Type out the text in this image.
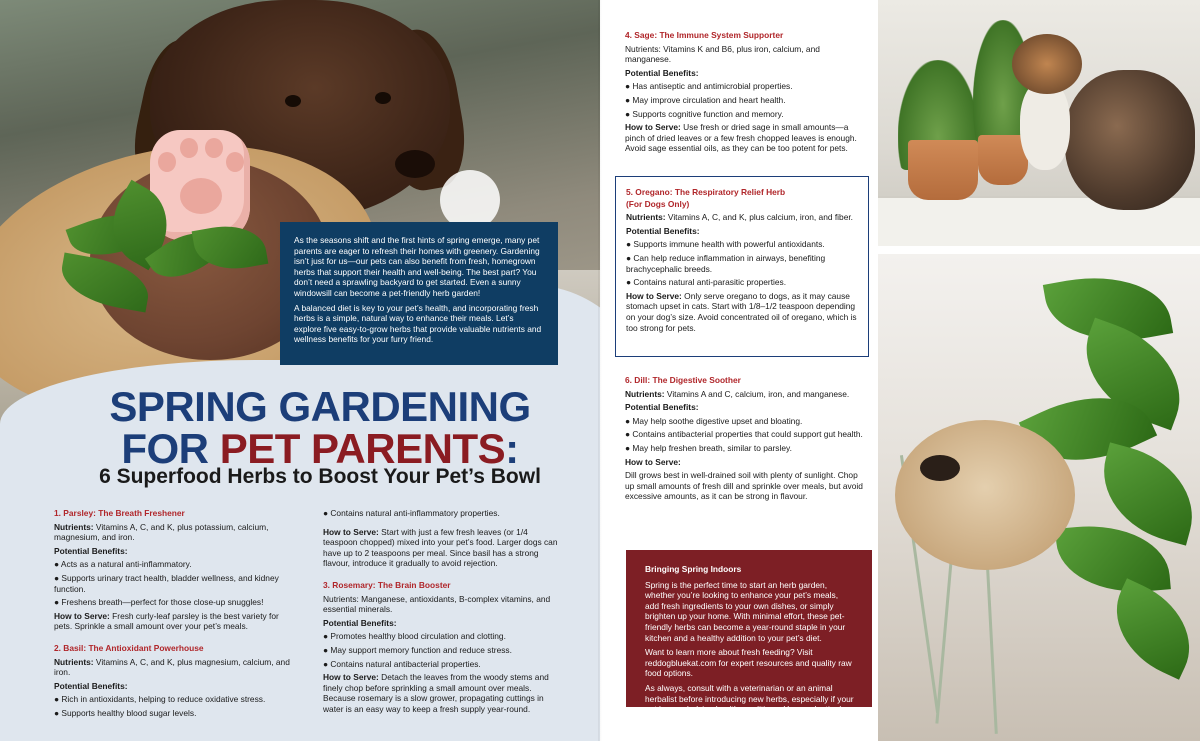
As the seasons shift and the first hints of spring emerge, many pet parents are eager to refresh their homes with greenery. Gardening isn’t just for us—our pets can also benefit from fresh, homegrown herbs that support their health and well-being. The best part? You don’t need a sprawling backyard to get started. Even a sunny windowsill can become a pet-friendly herb garden!

A balanced diet is key to your pet’s health, and incorporating fresh herbs is a simple, natural way to enhance their meals. Let’s explore five easy-to-grow herbs that provide valuable nutrients and wellness benefits for your furry friend.

SPRING GARDENING
FOR PET PARENTS:
6 Superfood Herbs to Boost Your Pet’s Bowl

1. Parsley: The Breath Freshener

Nutrients: Vitamins A, C, and K, plus potassium, calcium, magnesium, and iron.

Potential Benefits:

● Acts as a natural anti-inflammatory.

● Supports urinary tract health, bladder wellness, and kidney function.

● Freshens breath—perfect for those close-up snuggles!

How to Serve: Fresh curly-leaf parsley is the best variety for pets. Sprinkle a small amount over your pet’s meals.

2. Basil: The Antioxidant Powerhouse

Nutrients: Vitamins A, C, and K, plus magnesium, calcium, and iron.

Potential Benefits:

● Rich in antioxidants, helping to reduce oxidative stress.

● Supports healthy blood sugar levels.

● Contains natural anti-inflammatory properties.

How to Serve: Start with just a few fresh leaves (or 1/4 teaspoon chopped) mixed into your pet’s food. Larger dogs can have up to 2 teaspoons per meal. Since basil has a strong flavour, introduce it gradually to avoid rejection.

3. Rosemary: The Brain Booster

Nutrients: Manganese, antioxidants, B-complex vitamins, and essential minerals.

Potential Benefits:

● Promotes healthy blood circulation and clotting.

● May support memory function and reduce stress.

● Contains natural antibacterial properties.

How to Serve: Detach the leaves from the woody stems and finely chop before sprinkling a small amount over meals. Because rosemary is a slow grower, propagating cuttings in water is an easy way to keep a fresh supply year-round.

4. Sage: The Immune System Supporter

Nutrients: Vitamins K and B6, plus iron, calcium, and manganese.

Potential Benefits:

● Has antiseptic and antimicrobial properties.

● May improve circulation and heart health.

● Supports cognitive function and memory.

How to Serve: Use fresh or dried sage in small amounts—a pinch of dried leaves or a few fresh chopped leaves is enough. Avoid sage essential oils, as they can be too potent for pets.

6. Dill: The Digestive Soother

Nutrients: Vitamins A and C, calcium, iron, and manganese.

Potential Benefits:

● May help soothe digestive upset and bloating.

● Contains antibacterial properties that could support gut health.

● May help freshen breath, similar to parsley.

How to Serve:

Dill grows best in well-drained soil with plenty of sunlight. Chop up small amounts of fresh dill and sprinkle over meals, but avoid excessive amounts, as it can be strong in flavour.

5. Oregano: The Respiratory Relief Herb

(For Dogs Only)

Nutrients: Vitamins A, C, and K, plus calcium, iron, and fiber.

Potential Benefits:

● Supports immune health with powerful antioxidants.

● Can help reduce inflammation in airways, benefiting brachycephalic breeds.

● Contains natural anti-parasitic properties.

How to Serve: Only serve oregano to dogs, as it may cause stomach upset in cats. Start with 1/8–1/2 teaspoon depending on your dog’s size. Avoid concentrated oil of oregano, which is too strong for pets.

Bringing Spring Indoors

Spring is the perfect time to start an herb garden, whether you’re looking to enhance your pet’s meals, add fresh ingredients to your own dishes, or simply brighten up your home. With minimal effort, these pet-friendly herbs can become a year-round staple in your kitchen and a healthy addition to your pet’s diet.

Want to learn more about fresh feeding? Visit reddogbluekat.com for expert resources and quality raw food options.

As always, consult with a veterinarian or an animal herbalist before introducing new herbs, especially if your pet has underlying health conditions. Happy planting!

Red Dog Blue Kat, www.reddogbluekat.com
